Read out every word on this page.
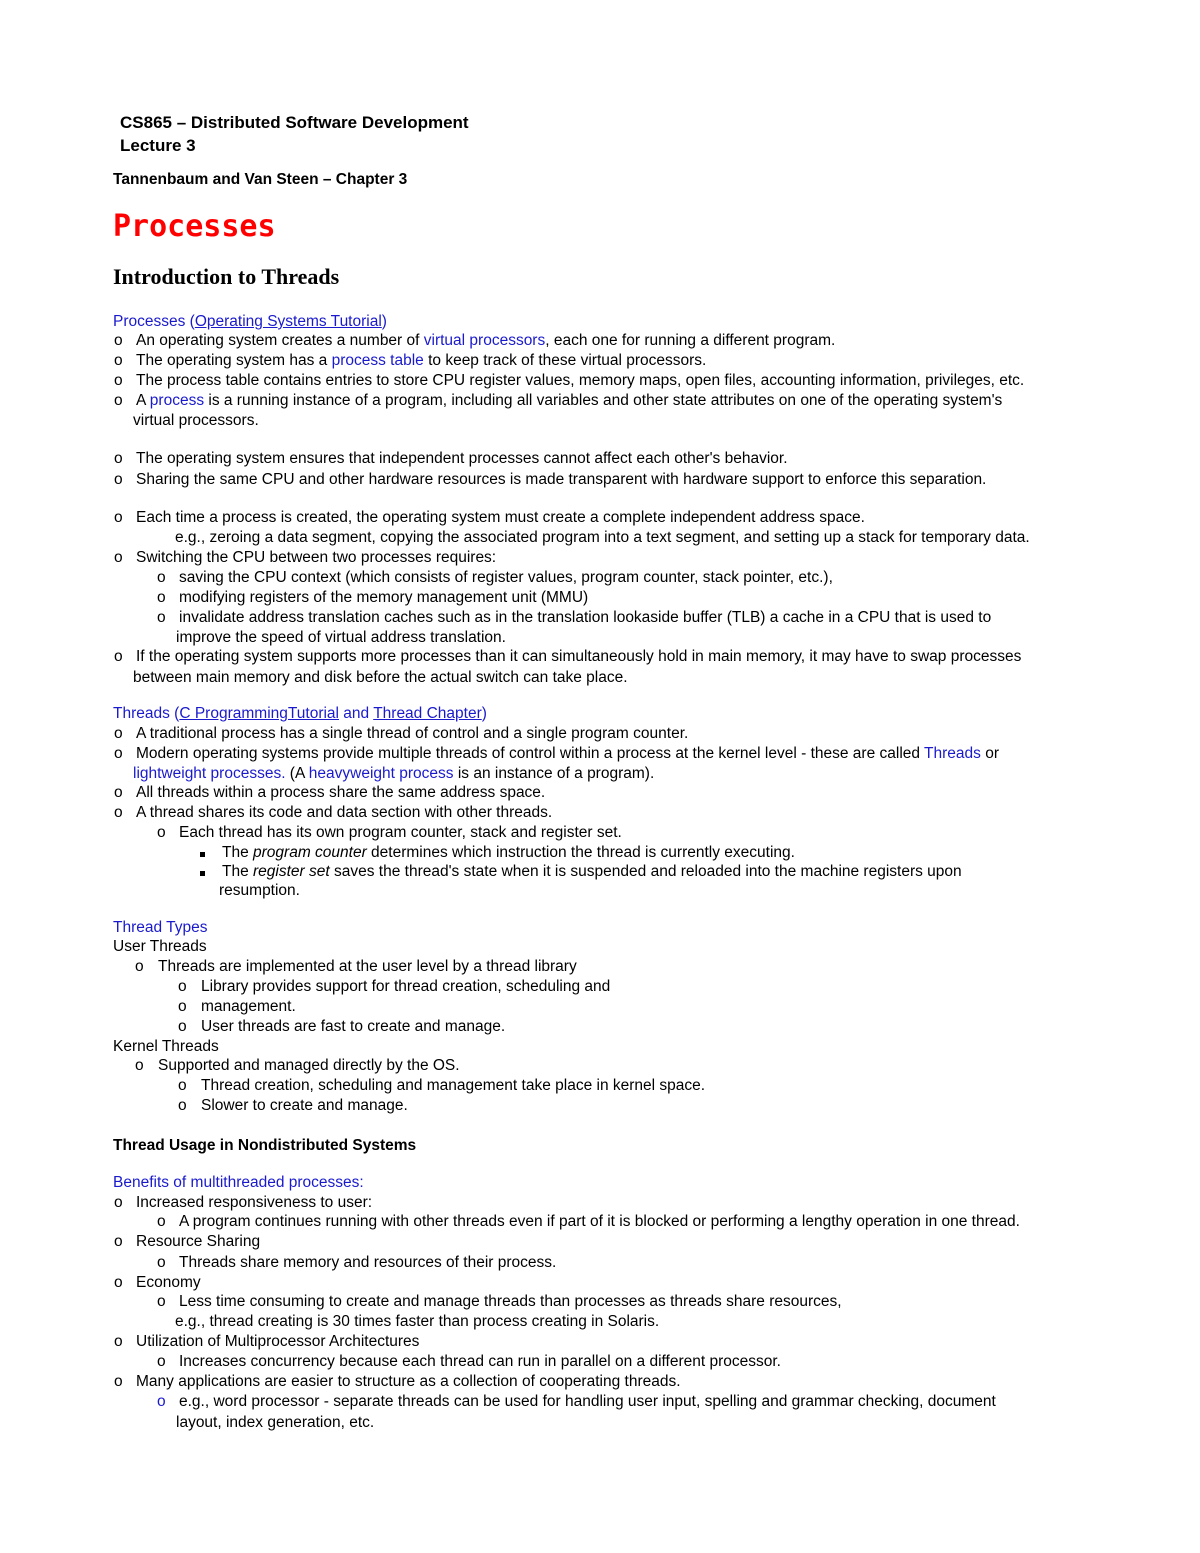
CS865 – Distributed Software Development
Lecture 3
Tannenbaum and Van Steen – Chapter 3
Processes
Introduction to Threads
Processes (Operating Systems Tutorial)
o An operating system creates a number of virtual processors, each one for running a different program.
o The operating system has a process table to keep track of these virtual processors.
o The process table contains entries to store CPU register values, memory maps, open files, accounting information, privileges, etc.
o A process is a running instance of a program, including all variables and other state attributes on one of the operating system's
virtual processors.
o The operating system ensures that independent processes cannot affect each other's behavior.
o Sharing the same CPU and other hardware resources is made transparent with hardware support to enforce this separation.
o Each time a process is created, the operating system must create a complete independent address space.
e.g., zeroing a data segment, copying the associated program into a text segment, and setting up a stack for temporary data.
o Switching the CPU between two processes requires:
o saving the CPU context (which consists of register values, program counter, stack pointer, etc.),
o modifying registers of the memory management unit (MMU)
o invalidate address translation caches such as in the translation lookaside buffer (TLB) a cache in a CPU that is used to
improve the speed of virtual address translation.
o If the operating system supports more processes than it can simultaneously hold in main memory, it may have to swap processes
between main memory and disk before the actual switch can take place.
Threads (C ProgrammingTutorial and Thread Chapter)
o A traditional process has a single thread of control and a single program counter.
o Modern operating systems provide multiple threads of control within a process at the kernel level - these are called Threads or
lightweight processes. (A heavyweight process is an instance of a program).
o All threads within a process share the same address space.
o A thread shares its code and data section with other threads.
o Each thread has its own program counter, stack and register set.
The program counter determines which instruction the thread is currently executing.
The register set saves the thread's state when it is suspended and reloaded into the machine registers upon
resumption.
Thread Types
User Threads
o Threads are implemented at the user level by a thread library
o Library provides support for thread creation, scheduling and
o management.
o User threads are fast to create and manage.
Kernel Threads
o Supported and managed directly by the OS.
o Thread creation, scheduling and management take place in kernel space.
o Slower to create and manage.
Thread Usage in Nondistributed Systems
Benefits of multithreaded processes:
o Increased responsiveness to user:
o A program continues running with other threads even if part of it is blocked or performing a lengthy operation in one thread.
o Resource Sharing
o Threads share memory and resources of their process.
o Economy
o Less time consuming to create and manage threads than processes as threads share resources,
e.g., thread creating is 30 times faster than process creating in Solaris.
o Utilization of Multiprocessor Architectures
o Increases concurrency because each thread can run in parallel on a different processor.
o Many applications are easier to structure as a collection of cooperating threads.
o e.g., word processor - separate threads can be used for handling user input, spelling and grammar checking, document
layout, index generation, etc.
